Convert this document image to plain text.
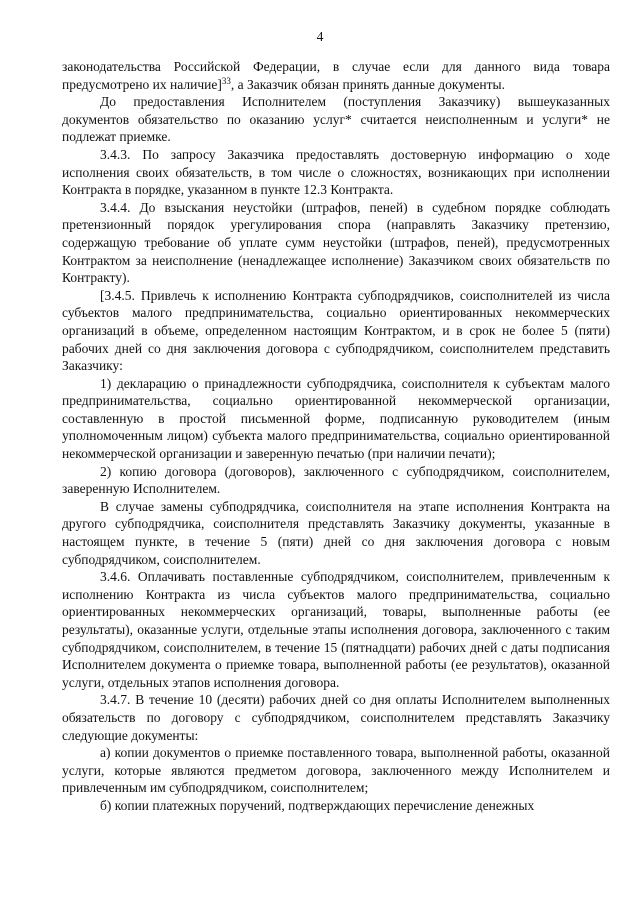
4

законодательства Российской Федерации, в случае если для данного вида товара предусмотрено их наличие]$^{33}$, а Заказчик обязан принять данные документы.

До предоставления Исполнителем (поступления Заказчику) вышеуказанных документов обязательство по оказанию услуг* считается неисполненным и услуги* не подлежат приемке.

3.4.3. По запросу Заказчика предоставлять достоверную информацию о ходе исполнения своих обязательств, в том числе о сложностях, возникающих при исполнении Контракта в порядке, указанном в пункте 12.3 Контракта.

3.4.4. До взыскания неустойки (штрафов, пеней) в судебном порядке соблюдать претензионный порядок урегулирования спора (направлять Заказчику претензию, содержащую требование об уплате сумм неустойки (штрафов, пеней), предусмотренных Контрактом за неисполнение (ненадлежащее исполнение) Заказчиком своих обязательств по Контракту).

[3.4.5. Привлечь к исполнению Контракта субподрядчиков, соисполнителей из числа субъектов малого предпринимательства, социально ориентированных некоммерческих организаций в объеме, определенном настоящим Контрактом, и в срок не более 5 (пяти) рабочих дней со дня заключения договора с субподрядчиком, соисполнителем представить Заказчику:

1) декларацию о принадлежности субподрядчика, соисполнителя к субъектам малого предпринимательства, социально ориентированной некоммерческой организации, составленную в простой письменной форме, подписанную руководителем (иным уполномоченным лицом) субъекта малого предпринимательства, социально ориентированной некоммерческой организации и заверенную печатью (при наличии печати);

2) копию договора (договоров), заключенного с субподрядчиком, соисполнителем, заверенную Исполнителем.

В случае замены субподрядчика, соисполнителя на этапе исполнения Контракта на другого субподрядчика, соисполнителя представлять Заказчику документы, указанные в настоящем пункте, в течение 5 (пяти) дней со дня заключения договора с новым субподрядчиком, соисполнителем.

3.4.6. Оплачивать поставленные субподрядчиком, соисполнителем, привлеченным к исполнению Контракта из числа субъектов малого предпринимательства, социально ориентированных некоммерческих организаций, товары, выполненные работы (ее результаты), оказанные услуги, отдельные этапы исполнения договора, заключенного с таким субподрядчиком, соисполнителем, в течение 15 (пятнадцати) рабочих дней с даты подписания Исполнителем документа о приемке товара, выполненной работы (ее результатов), оказанной услуги, отдельных этапов исполнения договора.

3.4.7. В течение 10 (десяти) рабочих дней со дня оплаты Исполнителем выполненных обязательств по договору с субподрядчиком, соисполнителем представлять Заказчику следующие документы:

а) копии документов о приемке поставленного товара, выполненной работы, оказанной услуги, которые являются предметом договора, заключенного между Исполнителем и привлеченным им субподрядчиком, соисполнителем;

б) копии платежных поручений, подтверждающих перечисление денежных
